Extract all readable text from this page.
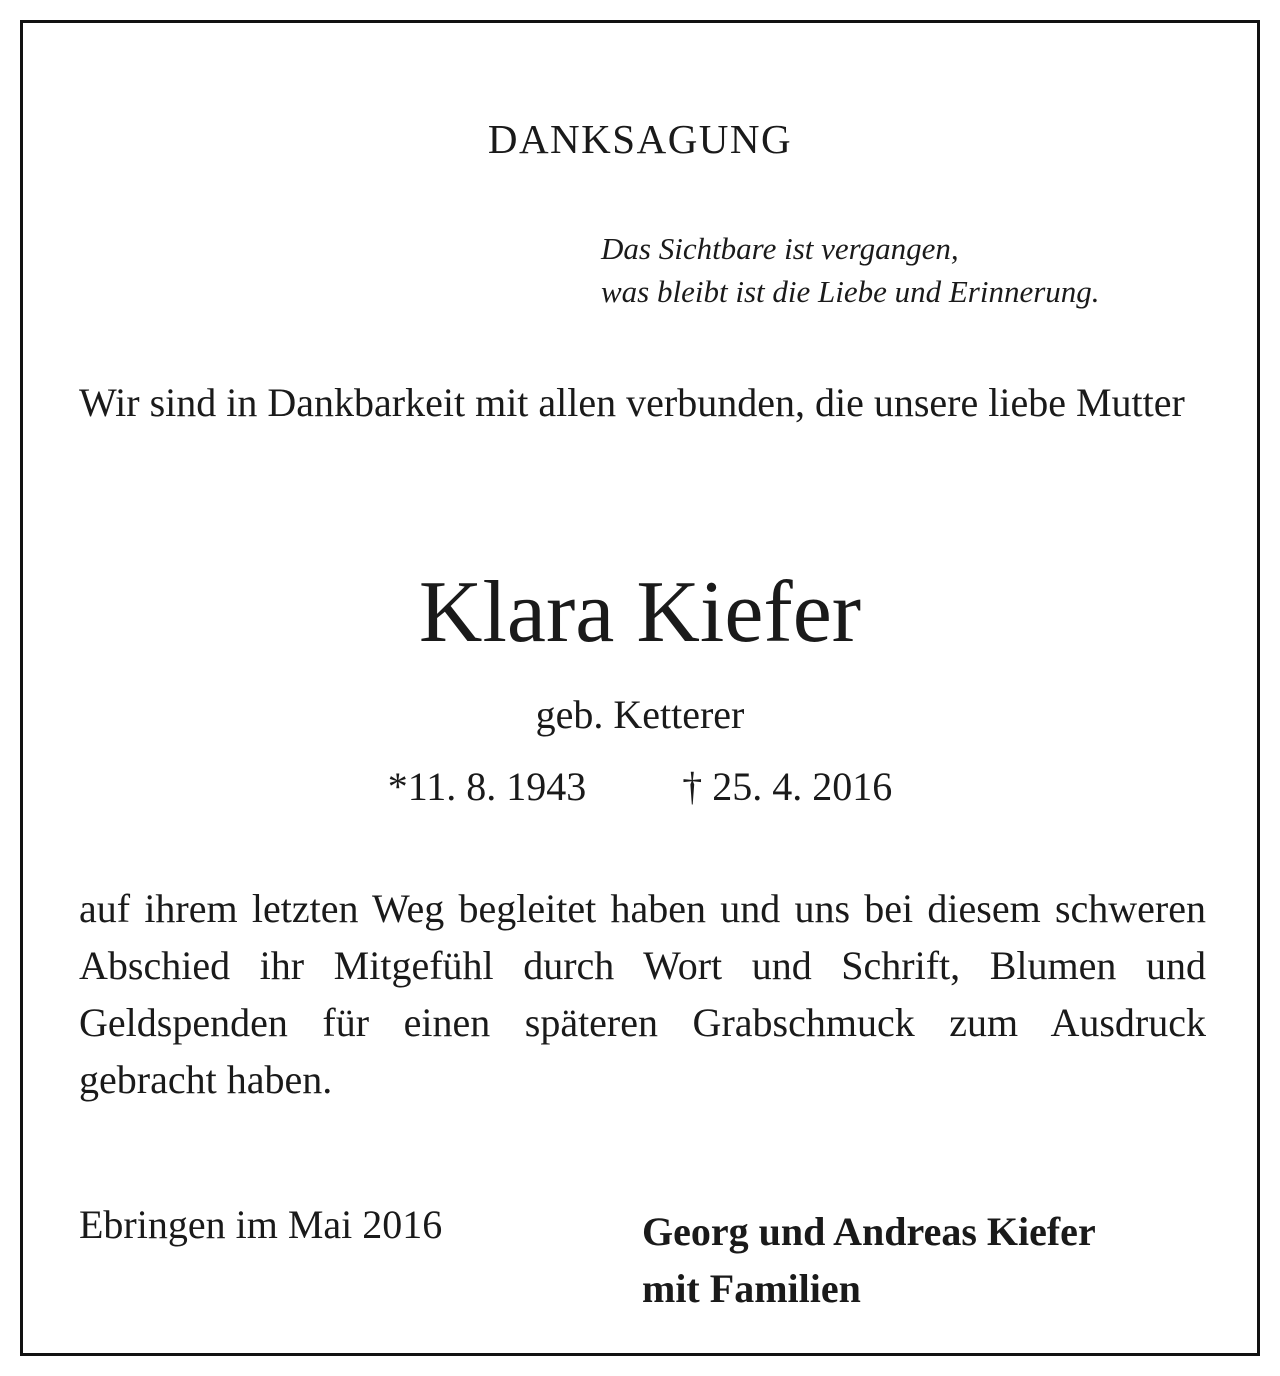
DANKSAGUNG
Das Sichtbare ist vergangen,
was bleibt ist die Liebe und Erinnerung.
Wir sind in Dankbarkeit mit allen verbunden, die unsere liebe Mutter
Klara Kiefer
geb. Ketterer
*11. 8. 1943 † 25. 4. 2016
auf ihrem letzten Weg begleitet haben und uns bei diesem schweren Abschied ihr Mitgefühl durch Wort und Schrift, Blumen und Geldspenden für einen späteren Grabschmuck zum Ausdruck gebracht haben.
Ebringen im Mai 2016	Georg und Andreas Kiefer
mit Familien
